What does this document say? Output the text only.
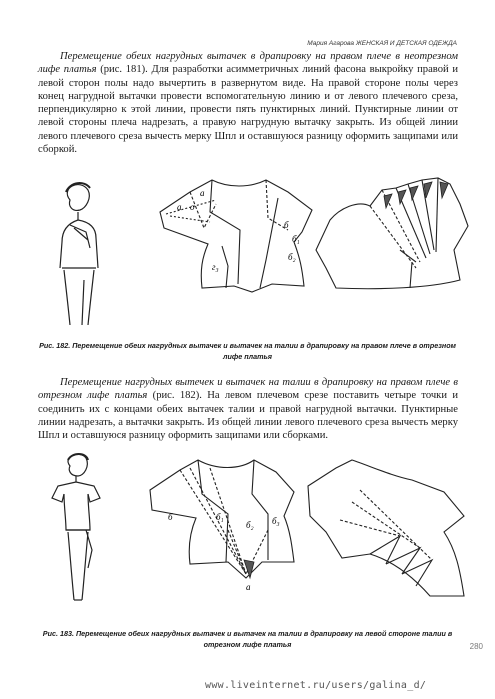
Мария Агарова ЖЕНСКАЯ И ДЕТСКАЯ ОДЕЖДА
Перемещение обеих нагрудных вытачек в драпировку на правом плече в неотрезном лифе платья (рис. 181). Для разработки асимметричных линий фасона выкройку правой и левой сторон полы надо вычертить в развернутом виде. На правой стороне полы через конец нагрудной вытачки провести вспомогательную линию и от левого плечевого среза, перпендикулярно к этой линии, провести пять пунктирных линий. Пунктирные линии от левой стороны плеча надрезать, а правую нагрудную вытачку закрыть. Из общей линии левого плечевого среза вычесть мерку Шпл и оставшуюся разницу оформить защипами или сборкой.
a
а
о
б
б₁
б₂
г₃
Рис. 182. Перемещение обеих нагрудных вытачек и вытачек на талии в драпировку на правом плече в отрезном лифе платья
Перемещение нагрудных вытечек и вытачек на талии в драпировку на правом плече в отрезном лифе платья (рис. 182). На левом плечевом срезе поставить четыре точки и соединить их с концами обеих вытачек талии и правой нагрудной вытачки. Пунктирные линии надрезать, а вытачки закрыть. Из общей линии левого плечевого среза вычесть мерку Шпл и оставшуюся разницу оформить защипами или сборками.
б₁
б
б₂ б₃
а
Рис. 183. Перемещение обеих нагрудных вытачек и вытачек на талии в драпировку на левой стороне талии в отрезном лифе платья	280
www.liveinternet.ru/users/galina_d/
